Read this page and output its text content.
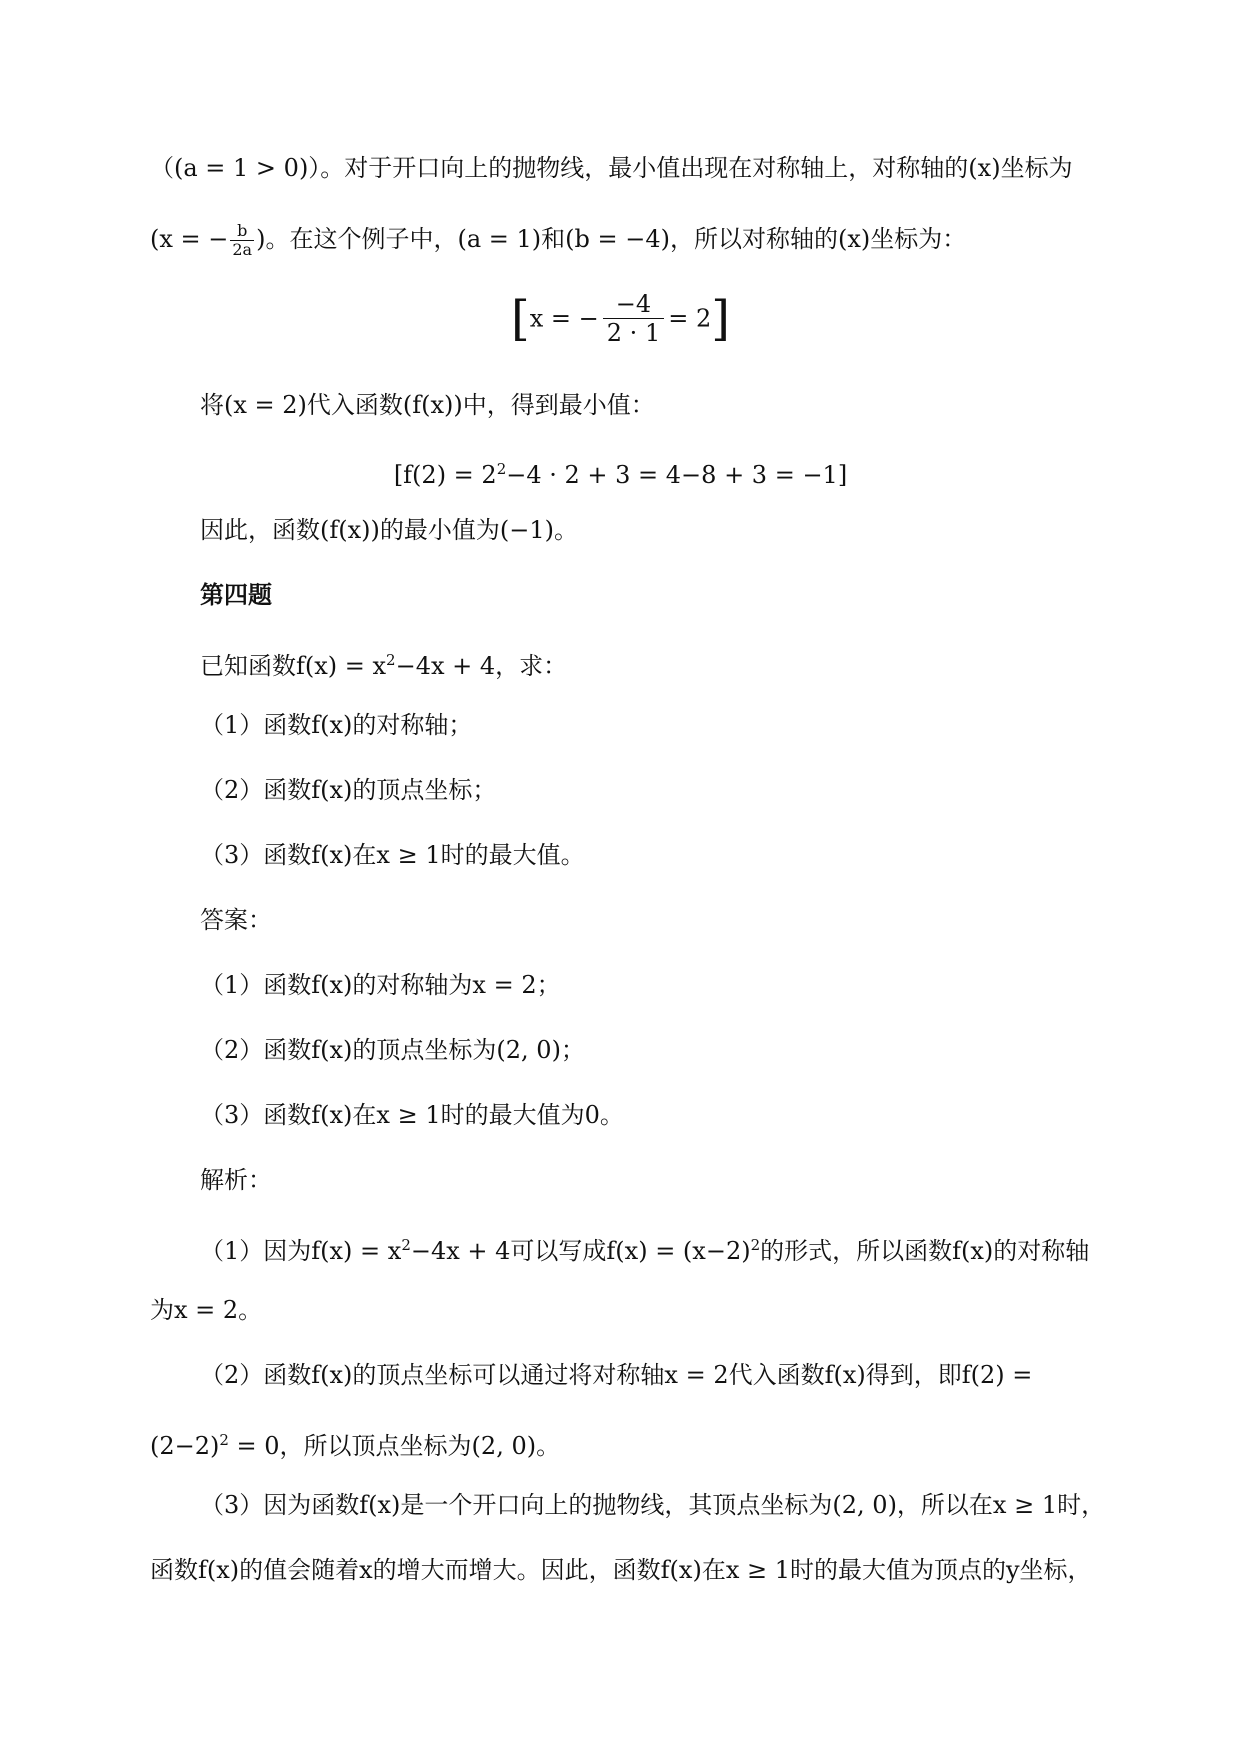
（(a = 1 > 0)）。对于开口向上的抛物线，最小值出现在对称轴上，对称轴的(x)坐标为
(x = − $\frac{b}{2a}$ )。在这个例子中，(a = 1)和(b = −4)，所以对称轴的(x)坐标为：
[x = − $\frac{-4}{2 \cdot 1} = 2$]
将(x = 2)代入函数(f(x))中，得到最小值：
$[f(2) = 2^2-4 \cdot 2 + 3 = 4-8 + 3 = -1]$
因此，函数(f(x))的最小值为(−1)。
第四题
已知函数$f(x) = x^2-4x + 4$，求：
（1）函数f(x)的对称轴；
（2）函数f(x)的顶点坐标；
（3）函数f(x)在x ≥ 1时的最大值。
答案：
（1）函数f(x)的对称轴为x = 2；
（2）函数f(x)的顶点坐标为(2, 0)；
（3）函数f(x)在x ≥ 1时的最大值为0。
解析：
（1）因为$f(x) = x^2-4x + 4$可以写成$f(x) = (x-2)^2$的形式，所以函数f(x)的对称轴
为x = 2。
（2）函数f(x)的顶点坐标可以通过将对称轴x = 2代入函数f(x)得到，即f(2) =
$(2-2)^2 = 0$，所以顶点坐标为(2, 0)。
（3）因为函数f(x)是一个开口向上的抛物线，其顶点坐标为(2, 0)，所以在x ≥ 1时，
函数f(x)的值会随着x的增大而增大。因此，函数f(x)在x ≥ 1时的最大值为顶点的y坐标，
